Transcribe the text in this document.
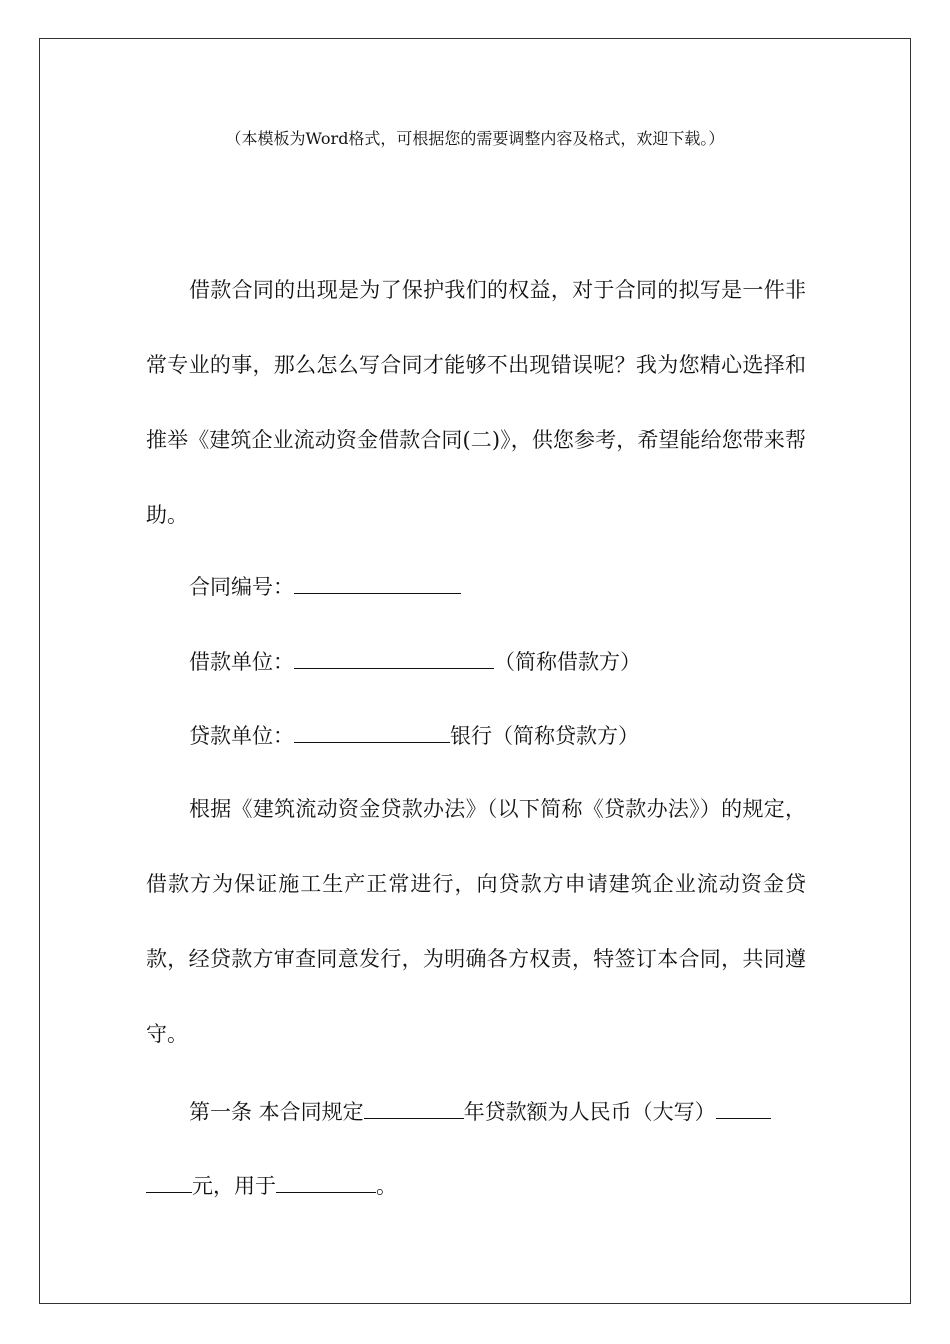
（本模板为Word格式，可根据您的需要调整内容及格式，欢迎下载。）
借款合同的出现是为了保护我们的权益，对于合同的拟写是一件非常专业的事，那么怎么写合同才能够不出现错误呢？我为您精心选择和推举《建筑企业流动资金借款合同(二)》，供您参考，希望能给您带来帮助。
合同编号：
借款单位：	（简称借款方）
贷款单位：	银行（简称贷款方）
根据《建筑流动资金贷款办法》（以下简称《贷款办法》）的规定，借款方为保证施工生产正常进行，向贷款方申请建筑企业流动资金贷款，经贷款方审查同意发行，为明确各方权责，特签订本合同，共同遵守。
第一条 本合同规定	年贷款额为人民币（大写）
元，用于	。
